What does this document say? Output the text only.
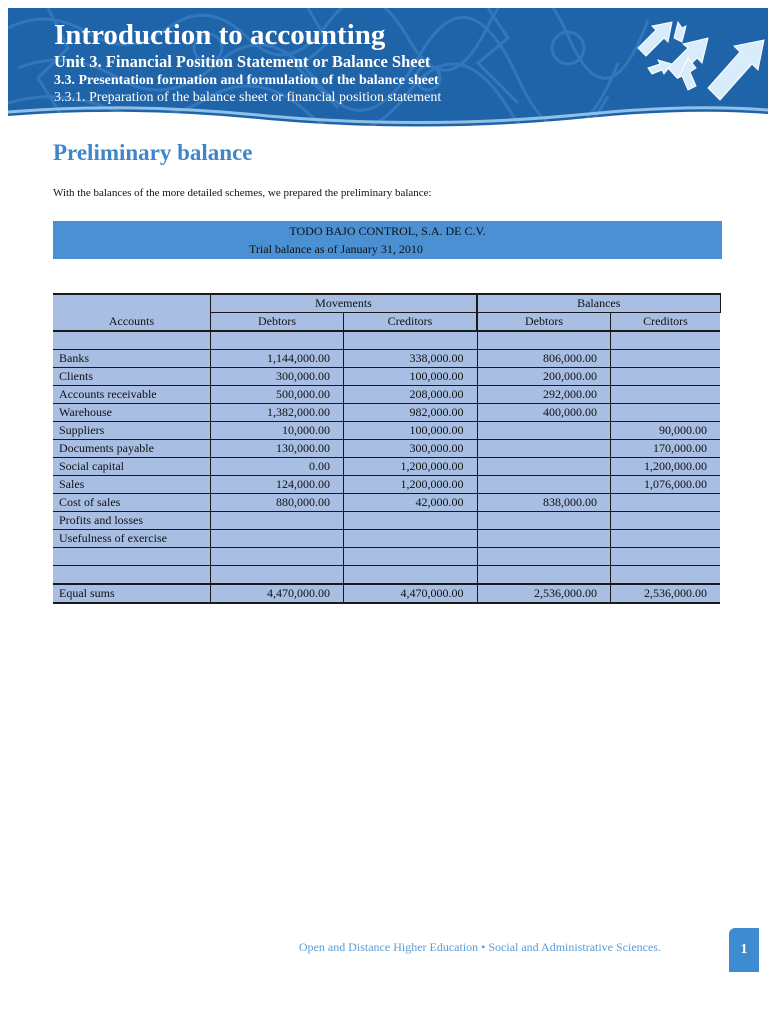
Introduction to accounting
Unit 3. Financial Position Statement or Balance Sheet
3.3. Presentation formation and formulation of the balance sheet
3.3.1. Preparation of the balance sheet or financial position statement
Preliminary balance
With the balances of the more detailed schemes, we prepared the preliminary balance:
TODO BAJO CONTROL, S.A. DE C.V.
Trial balance as of January 31, 2010
Accounts	Movements		Balances	
	Debtors	Creditors	Debtors	Creditors

Banks	1,144,000.00	338,000.00	806,000.00	
Clients	300,000.00	100,000.00	200,000.00	
Accounts receivable	500,000.00	208,000.00	292,000.00	
Warehouse	1,382,000.00	982,000.00	400,000.00	
Suppliers	10,000.00	100,000.00		90,000.00
Documents payable	130,000.00	300,000.00		170,000.00
Social capital	0.00	1,200,000.00		1,200,000.00
Sales	124,000.00	1,200,000.00		1,076,000.00
Cost of sales	880,000.00	42,000.00	838,000.00	
Profits and losses				
Usefulness of exercise				

Equal sums	4,470,000.00	4,470,000.00	2,536,000.00	2,536,000.00
Open and Distance Higher Education • Social and Administrative Sciences.	1
